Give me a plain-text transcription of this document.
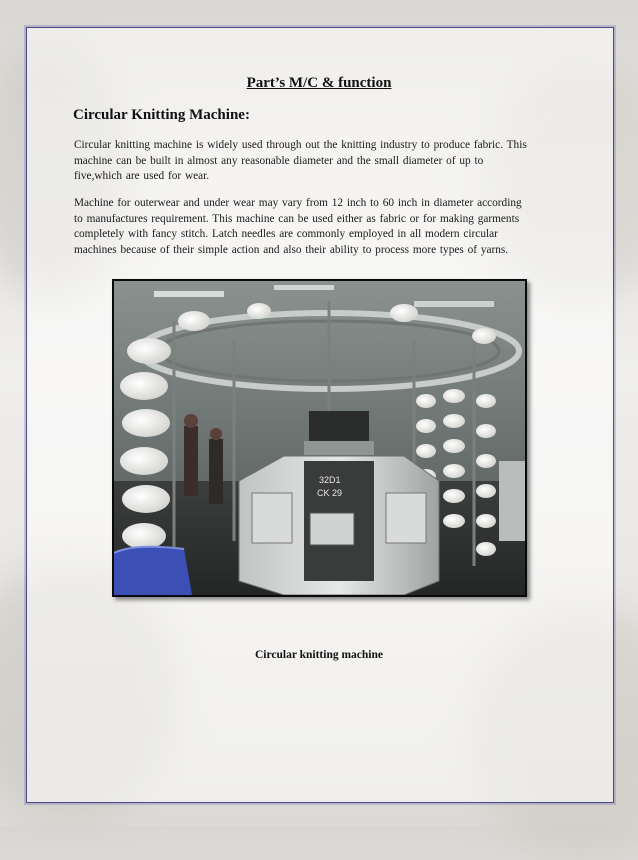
Part’s M/C & function
Circular Knitting Machine:

Circular knitting machine is widely used through out the knitting industry to produce fabric. This
machine can be built in almost any reasonable diameter and the small diameter of up to
five,which are used for wear.

Machine for outerwear and under wear may vary from 12 inch to 60 inch in diameter according
to manufactures requirement. This machine can be used either as fabric or for making garments
completely with fancy stitch. Latch needles are commonly employed in all modern circular
machines because of their simple action and also their ability to process more types of yarns.

32D1
CK 29
Circular knitting machine
